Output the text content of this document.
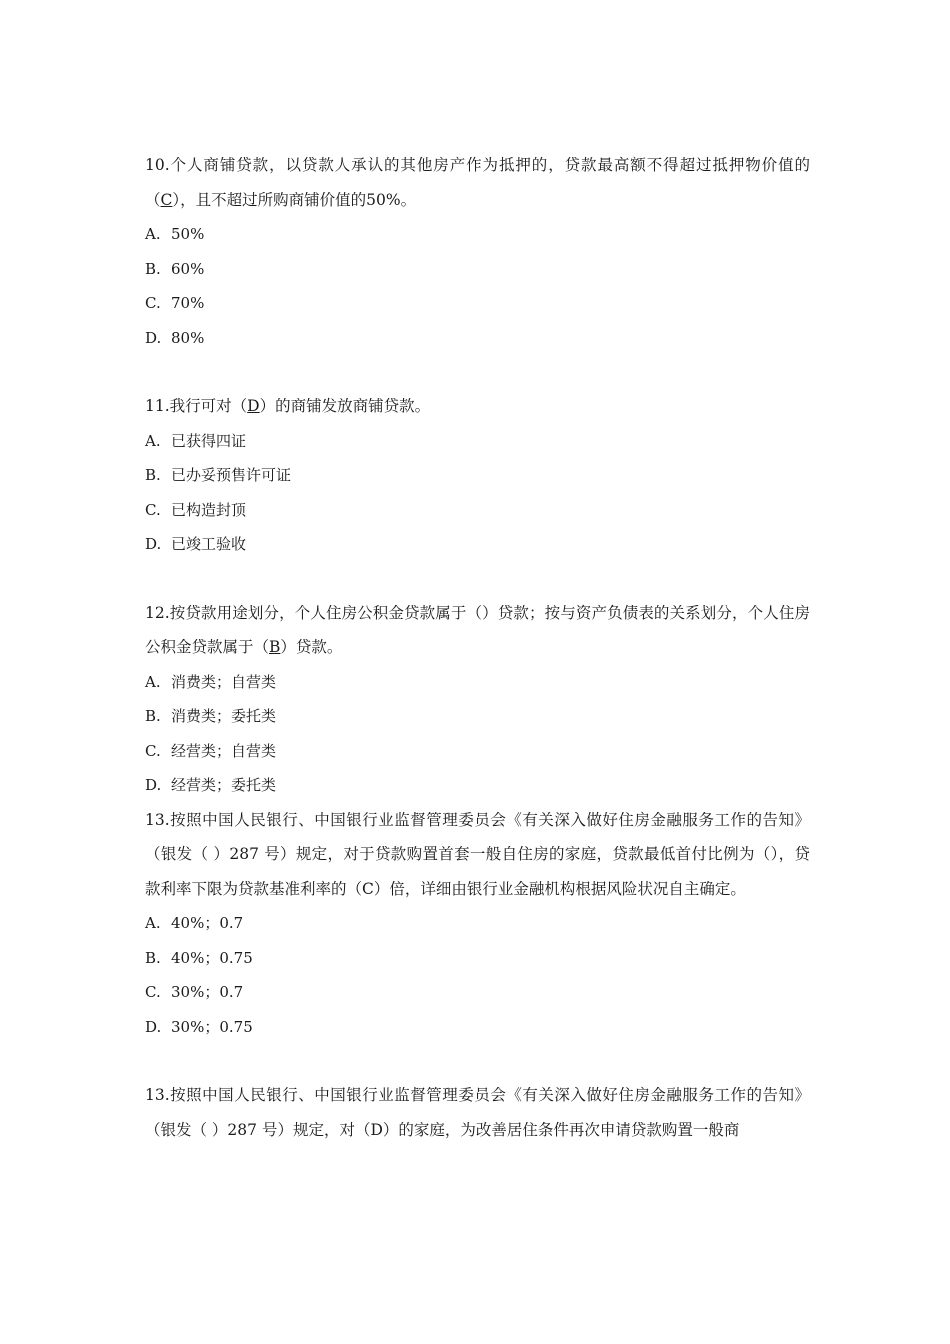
10.个人商铺贷款，以贷款人承认的其他房产作为抵押的，贷款最高额不得超过抵押物价值的（C），且不超过所购商铺价值的50%。

A. 50%

B. 60%

C. 70%

D. 80%

11.我行可对（D）的商铺发放商铺贷款。

A. 已获得四证

B. 已办妥预售许可证

C. 已构造封顶

D. 已竣工验收

12.按贷款用途划分，个人住房公积金贷款属于（）贷款；按与资产负债表的关系划分，个人住房公积金贷款属于（B）贷款。

A. 消费类；自营类

B. 消费类；委托类

C. 经营类；自营类

D. 经营类；委托类

13.按照中国人民银行、中国银行业监督管理委员会《有关深入做好住房金融服务工作的告知》（银发（ ）287 号）规定，对于贷款购置首套一般自住房的家庭，贷款最低首付比例为（），贷款利率下限为贷款基准利率的（C）倍，详细由银行业金融机构根据风险状况自主确定。

A. 40%；0.7

B. 40%；0.75

C. 30%；0.7

D. 30%；0.75

13.按照中国人民银行、中国银行业监督管理委员会《有关深入做好住房金融服务工作的告知》（银发（ ）287 号）规定，对（D）的家庭，为改善居住条件再次申请贷款购置一般商
